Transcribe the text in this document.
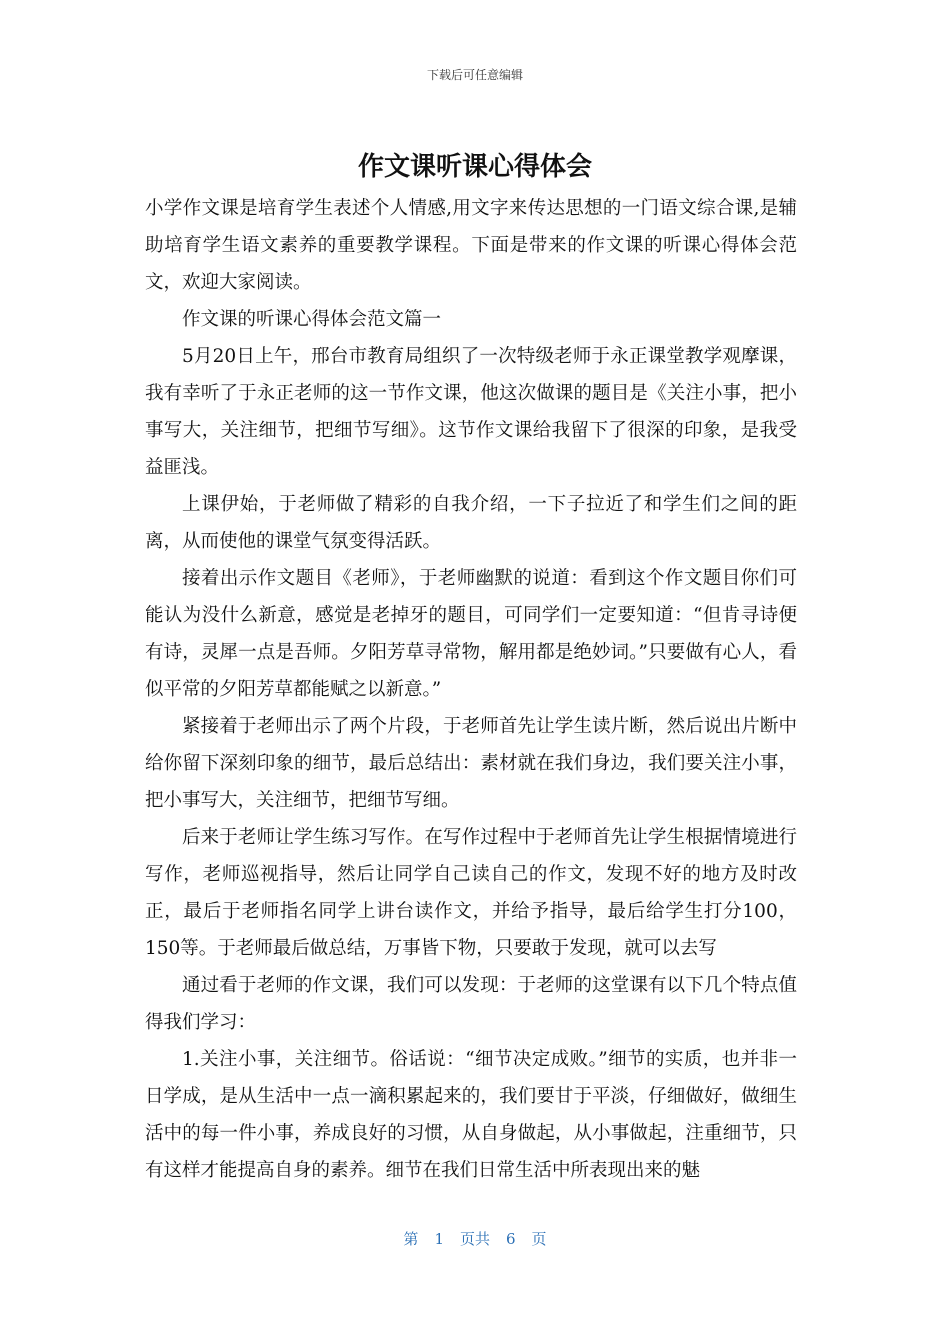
下载后可任意编辑
作文课听课心得体会

小学作文课是培育学生表述个人情感,用文字来传达思想的一门语文综合课,是辅助培育学生语文素养的重要教学课程。下面是带来的作文课的听课心得体会范文，欢迎大家阅读。

作文课的听课心得体会范文篇一

5月20日上午，邢台市教育局组织了一次特级老师于永正课堂教学观摩课，我有幸听了于永正老师的这一节作文课，他这次做课的题目是《关注小事，把小事写大，关注细节，把细节写细》。这节作文课给我留下了很深的印象，是我受益匪浅。

上课伊始，于老师做了精彩的自我介绍，一下子拉近了和学生们之间的距离，从而使他的课堂气氛变得活跃。

接着出示作文题目《老师》，于老师幽默的说道：看到这个作文题目你们可能认为没什么新意，感觉是老掉牙的题目，可同学们一定要知道：“但肯寻诗便有诗，灵犀一点是吾师。夕阳芳草寻常物，解用都是绝妙词。”只要做有心人，看似平常的夕阳芳草都能赋之以新意。”

紧接着于老师出示了两个片段，于老师首先让学生读片断，然后说出片断中给你留下深刻印象的细节，最后总结出：素材就在我们身边，我们要关注小事，把小事写大，关注细节，把细节写细。

后来于老师让学生练习写作。在写作过程中于老师首先让学生根据情境进行写作，老师巡视指导，然后让同学自己读自己的作文，发现不好的地方及时改正，最后于老师指名同学上讲台读作文，并给予指导，最后给学生打分100，150等。于老师最后做总结，万事皆下物，只要敢于发现，就可以去写

通过看于老师的作文课，我们可以发现：于老师的这堂课有以下几个特点值得我们学习：

1.关注小事，关注细节。俗话说：“细节决定成败。”细节的实质，也并非一日学成，是从生活中一点一滴积累起来的，我们要甘于平淡，仔细做好，做细生活中的每一件小事，养成良好的习惯，从自身做起，从小事做起，注重细节，只有这样才能提高自身的素养。细节在我们日常生活中所表现出来的魅

第 1 页共 6 页
